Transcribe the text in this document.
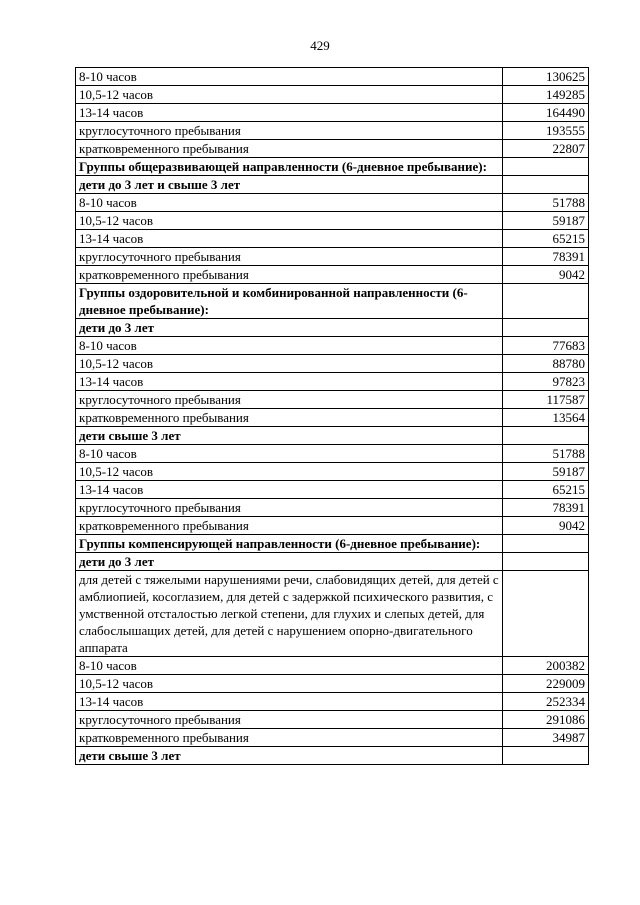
429
8-10 часов	130625
10,5-12 часов	149285
13-14 часов	164490
круглосуточного пребывания	193555
кратковременного пребывания	22807
Группы общеразвивающей направленности (6-дневное пребывание):	
дети до 3 лет и свыше 3 лет	
8-10 часов	51788
10,5-12 часов	59187
13-14 часов	65215
круглосуточного пребывания	78391
кратковременного пребывания	9042
Группы оздоровительной и комбинированной направленности (6-дневное пребывание):	
дети до 3 лет	
8-10 часов	77683
10,5-12 часов	88780
13-14 часов	97823
круглосуточного пребывания	117587
кратковременного пребывания	13564
дети свыше 3 лет	
8-10 часов	51788
10,5-12 часов	59187
13-14 часов	65215
круглосуточного пребывания	78391
кратковременного пребывания	9042
Группы компенсирующей направленности (6-дневное пребывание):	
дети до 3 лет	
для детей с тяжелыми нарушениями речи, слабовидящих детей, для детей с амблиопией, косоглазием, для детей с задержкой психического развития, с умственной отсталостью легкой степени, для глухих и слепых детей, для слабослышащих детей, для детей с нарушением опорно-двигательного аппарата	
8-10 часов	200382
10,5-12 часов	229009
13-14 часов	252334
круглосуточного пребывания	291086
кратковременного пребывания	34987
дети свыше 3 лет	
